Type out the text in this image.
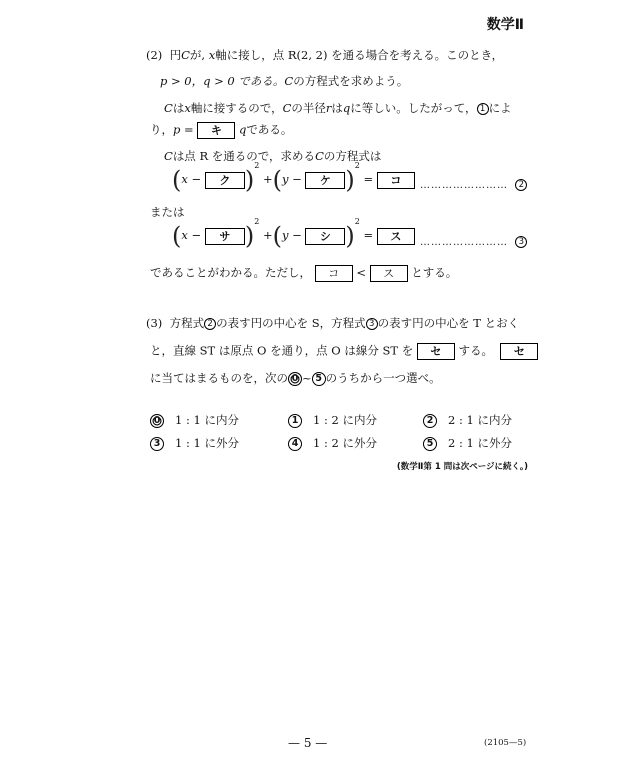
数学Ⅱ
(2) 円Cが, x軸に接し，点 R(2, 2) を通る場合を考える。このとき，
p > 0，q > 0 である。Cの方程式を求めよう。
Cはx軸に接するので，Cの半径rはqに等しい。したがって， 1 によ
り，p = キ qである。
Cは点 R を通るので，求めるCの方程式は
(x − ク )$^2$ +(y − ケ )$^2$ = コ	…………………… 2
または
(x − サ )$^2$ +(y − シ )$^2$ = ス	…………………… 3
であることがわかる。ただし， コ < ス とする。
(3) 方程式 2 の表す円の中心を S，方程式 3 の表す円の中心を T とおく
と，直線 ST は原点 O を通り，点 O は線分 ST を セ する。 セ
に当てはまるものを，次の 0 ~ 5 のうちから一つ選べ。
0 1 : 1 に内分	1 1 : 2 に内分	2 2 : 1 に内分
3 1 : 1 に外分	4 1 : 2 に外分	5 2 : 1 に外分
(数学Ⅱ第 1 問は次ページに続く。)
— 5 —	(2105—5)
